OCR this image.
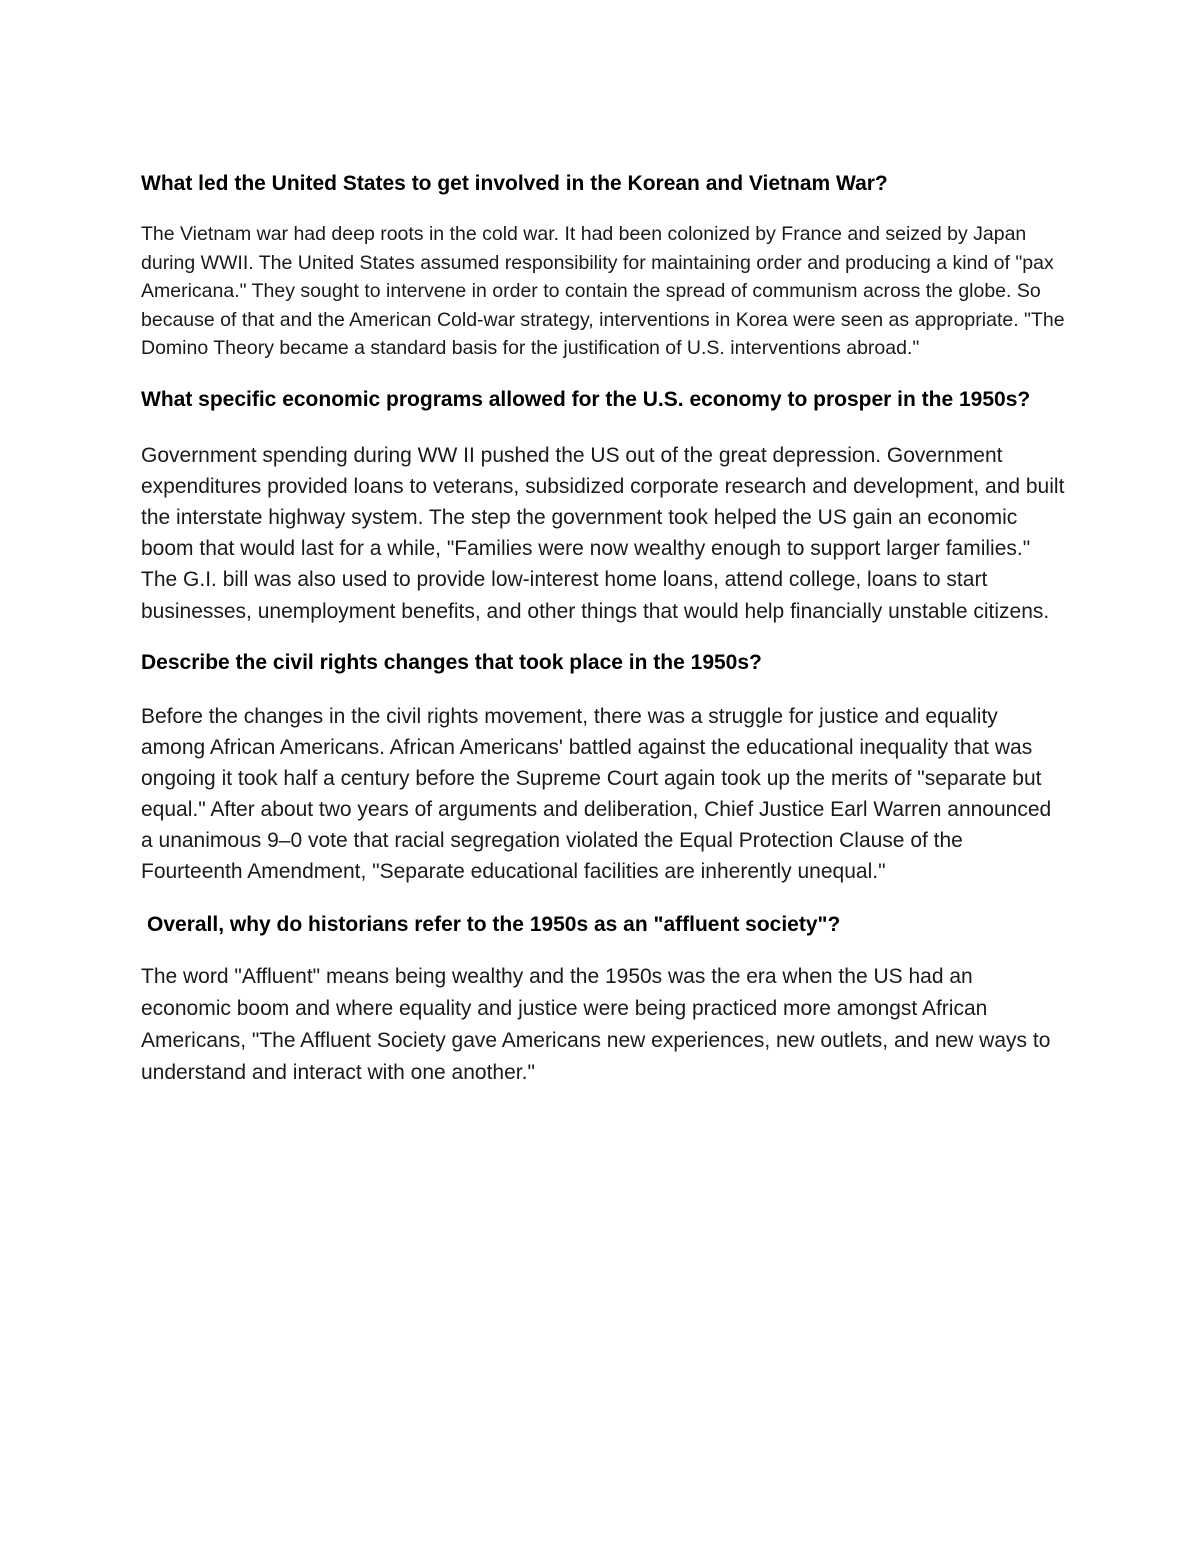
What led the United States to get involved in the Korean and Vietnam War?

The Vietnam war had deep roots in the cold war. It had been colonized by France and seized by Japan during WWII. The United States assumed responsibility for maintaining order and producing a kind of "pax Americana." They sought to intervene in order to contain the spread of communism across the globe. So because of that and the American Cold-war strategy, interventions in Korea were seen as appropriate. "The Domino Theory became a standard basis for the justification of U.S. interventions abroad."

What specific economic programs allowed for the U.S. economy to prosper in the 1950s?

Government spending during WW II pushed the US out of the great depression. Government expenditures provided loans to veterans, subsidized corporate research and development, and built the interstate highway system. The step the government took helped the US gain an economic boom that would last for a while, "Families were now wealthy enough to support larger families." The G.I. bill was also used to provide low-interest home loans, attend college, loans to start businesses, unemployment benefits, and other things that would help financially unstable citizens.

Describe the civil rights changes that took place in the 1950s?

Before the changes in the civil rights movement, there was a struggle for justice and equality among African Americans. African Americans' battled against the educational inequality that was ongoing it took half a century before the Supreme Court again took up the merits of "separate but equal." After about two years of arguments and deliberation, Chief Justice Earl Warren announced a unanimous 9–0 vote that racial segregation violated the Equal Protection Clause of the Fourteenth Amendment, "Separate educational facilities are inherently unequal."

Overall, why do historians refer to the 1950s as an "affluent society"?

The word "Affluent" means being wealthy and the 1950s was the era when the US had an economic boom and where equality and justice were being practiced more amongst African Americans, "The Affluent Society gave Americans new experiences, new outlets, and new ways to understand and interact with one another."
